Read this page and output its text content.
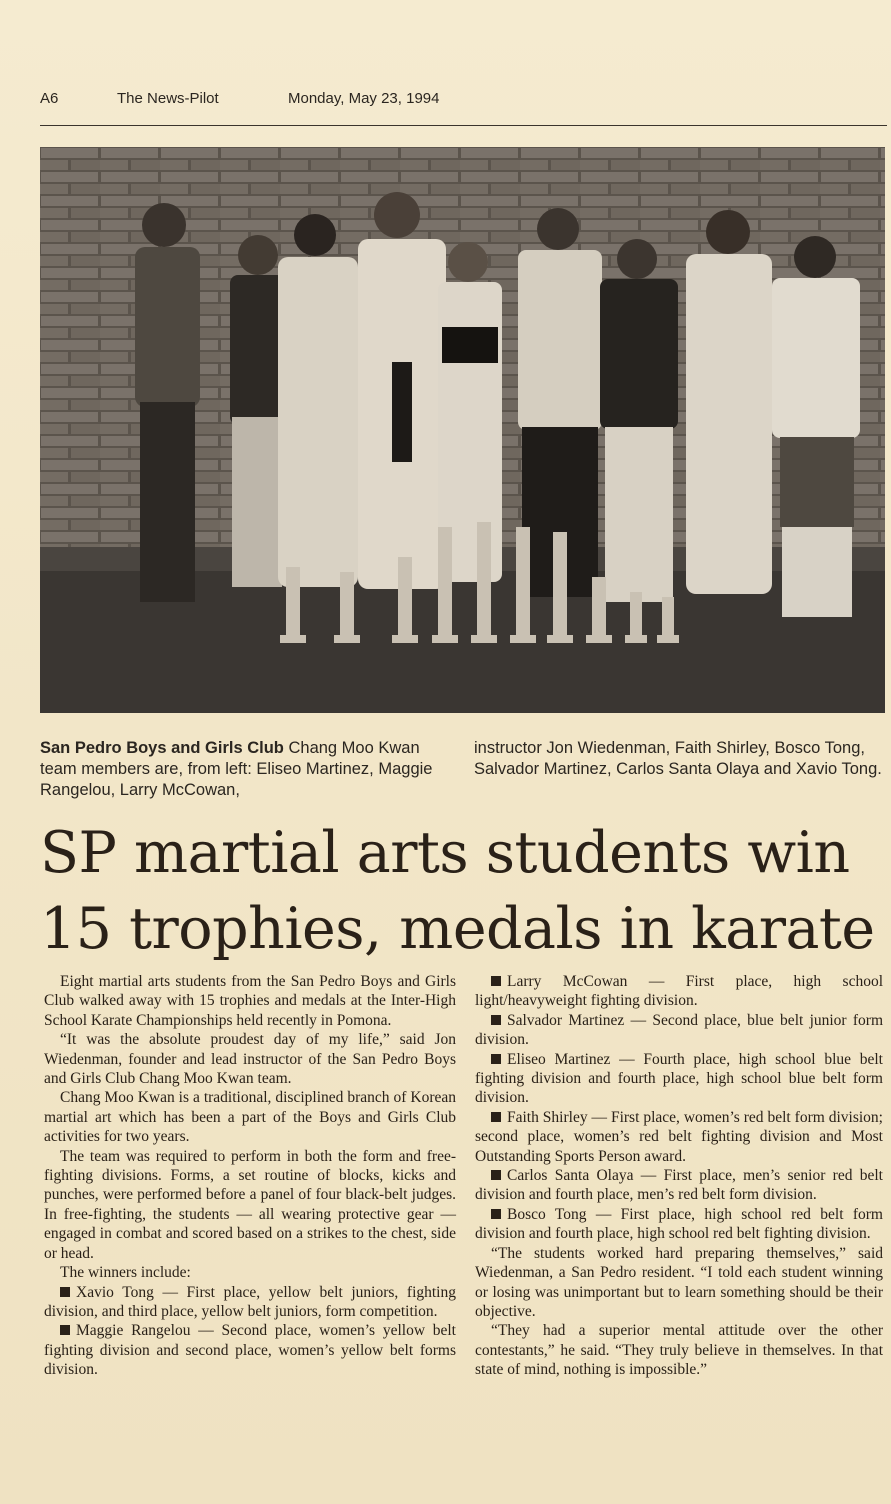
A6	The News-Pilot	Monday, May 23, 1994
San Pedro Boys and Girls Club Chang Moo Kwan team members are, from left: Eliseo Martinez, Maggie Rangelou, Larry McCowan,
instructor Jon Wiedenman, Faith Shirley, Bosco Tong, Salvador Martinez, Carlos Santa Olaya and Xavio Tong.
SP martial arts students win
15 trophies, medals in karate

Eight martial arts students from the San Pedro Boys and Girls Club walked away with 15 trophies and medals at the Inter-High School Karate Championships held recently in Pomona.

“It was the absolute proudest day of my life,” said Jon Wiedenman, founder and lead instructor of the San Pedro Boys and Girls Club Chang Moo Kwan team.

Chang Moo Kwan is a traditional, disciplined branch of Korean martial art which has been a part of the Boys and Girls Club activities for two years.

The team was required to perform in both the form and free-fighting divisions. Forms, a set routine of blocks, kicks and punches, were performed before a panel of four black-belt judges. In free-fighting, the students — all wearing protective gear — engaged in combat and scored based on a strikes to the chest, side or head.

The winners include:

Xavio Tong — First place, yellow belt juniors, fighting division, and third place, yellow belt juniors, form competition.

Maggie Rangelou — Second place, women’s yellow belt fighting division and second place, women’s yellow belt forms division.

Larry McCowan — First place, high school light/heavyweight fighting division.

Salvador Martinez — Second place, blue belt junior form division.

Eliseo Martinez — Fourth place, high school blue belt fighting division and fourth place, high school blue belt form division.

Faith Shirley — First place, women’s red belt form division; second place, women’s red belt fighting division and Most Outstanding Sports Person award.

Carlos Santa Olaya — First place, men’s senior red belt division and fourth place, men’s red belt form division.

Bosco Tong — First place, high school red belt form division and fourth place, high school red belt fighting division.

“The students worked hard preparing themselves,” said Wiedenman, a San Pedro resident. “I told each student winning or losing was unimportant but to learn something should be their objective.

“They had a superior mental attitude over the other contestants,” he said. “They truly believe in themselves. In that state of mind, nothing is impossible.”
